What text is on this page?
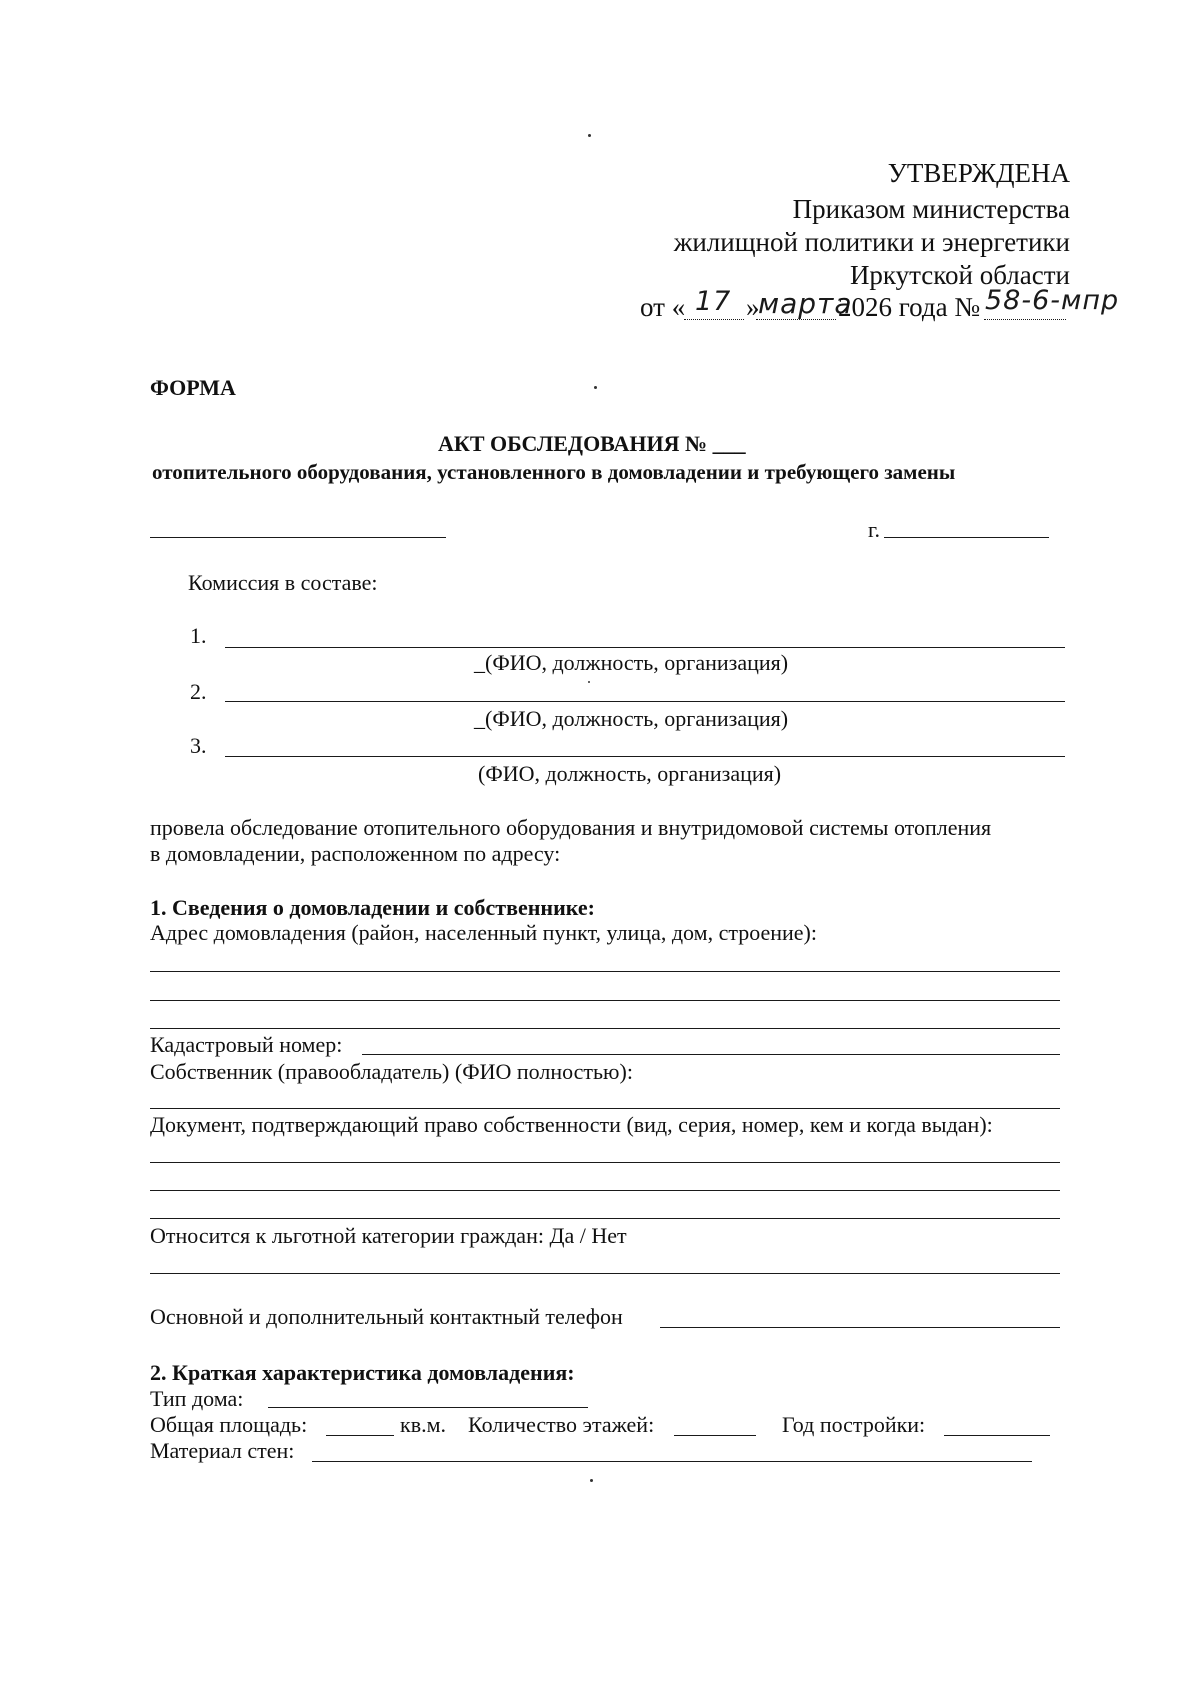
УТВЕРЖДЕНА
Приказом министерства
жилищной политики и энергетики
Иркутской области
от « 17 »
марта
2026 года № 58-6-мпр
ФОРМА
АКТ ОБСЛЕДОВАНИЯ № ___
отопительного оборудования, установленного в домовладении и требующего замены
г.
Комиссия в составе:
1.
_(ФИО, должность, организация)
2.
_(ФИО, должность, организация)
3.
(ФИО, должность, организация)
провела обследование отопительного оборудования и внутридомовой системы отопления
в домовладении, расположенном по адресу:
1. Сведения о домовладении и собственнике:
Адрес домовладения (район, населенный пункт, улица, дом, строение):
Кадастровый номер:
Собственник (правообладатель) (ФИО полностью):
Документ, подтверждающий право собственности (вид, серия, номер, кем и когда выдан):
Относится к льготной категории граждан: Да / Нет
Основной и дополнительный контактный телефон
2. Краткая характеристика домовладения:
Тип дома:
Общая площадь:	кв.м. Количество этажей:	Год постройки:
Материал стен:
